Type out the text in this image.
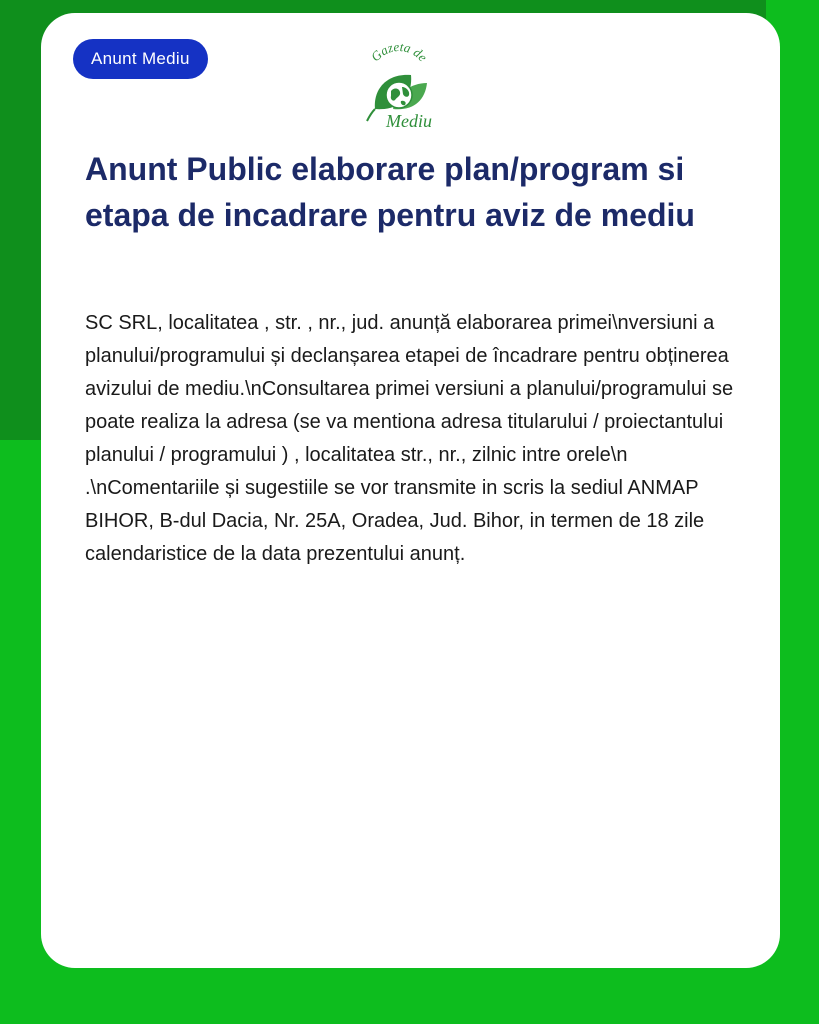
Anunt Mediu	Gazeta de
Mediu
Anunt Public elaborare plan/program si etapa de incadrare pentru aviz de mediu

SC SRL, localitatea , str. , nr., jud. anunță elaborarea primei\nversiuni a planului/programului și declanșarea etapei de încadrare pentru obținerea avizului de mediu.\nConsultarea primei versiuni a planului/programului se poate realiza la adresa (se va mentiona adresa titularului / proiectantului planului / programului ) , localitatea str., nr., zilnic intre orele\n .\nComentariile și sugestiile se vor transmite in scris la sediul ANMAP BIHOR, B-dul Dacia, Nr. 25A, Oradea, Jud. Bihor, in termen de 18 zile calendaristice de la data prezentului anunț.
